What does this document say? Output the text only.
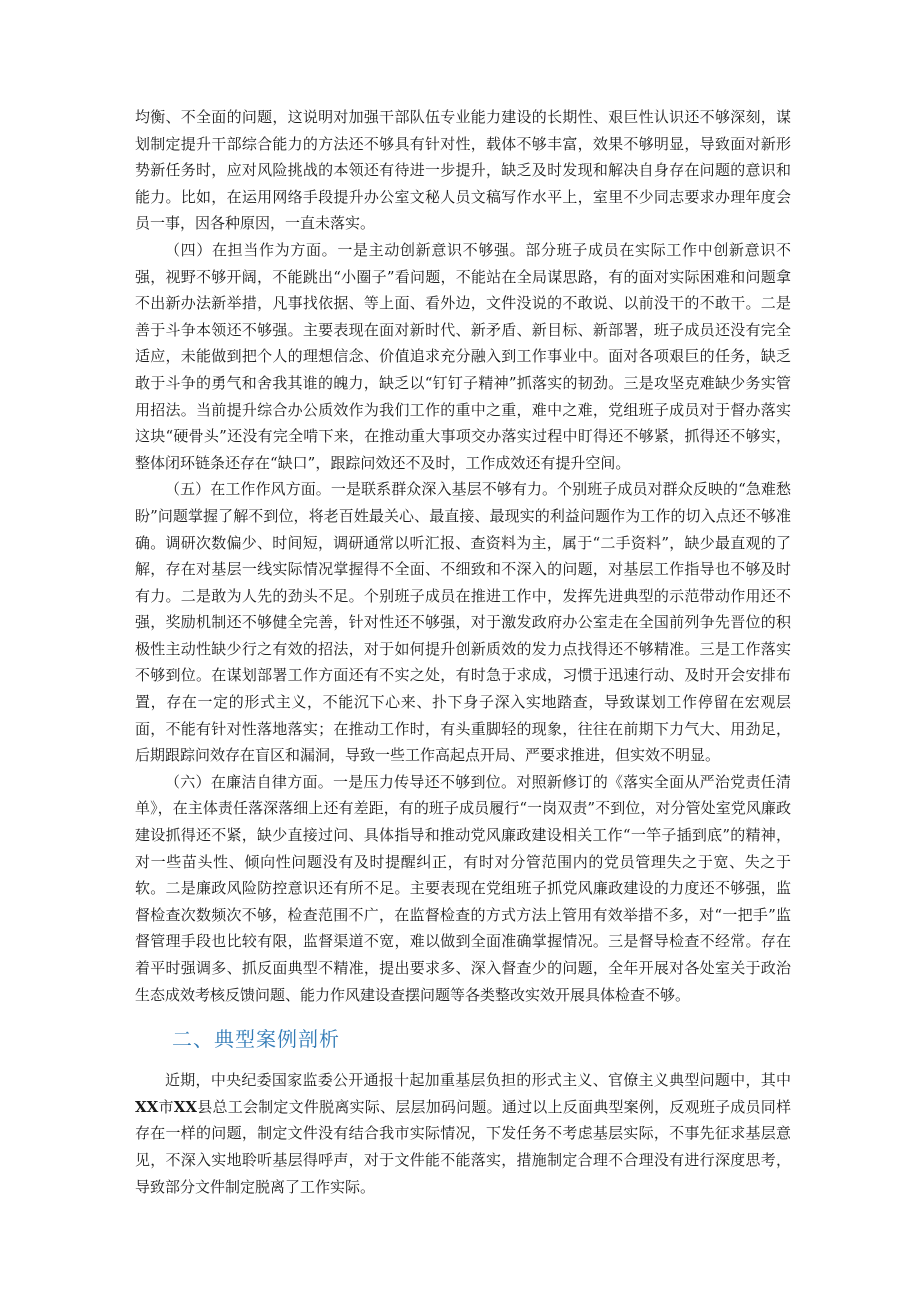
均衡、不全面的问题，这说明对加强干部队伍专业能力建设的长期性、艰巨性认识还不够深刻，谋划制定提升干部综合能力的方法还不够具有针对性，载体不够丰富，效果不够明显，导致面对新形势新任务时，应对风险挑战的本领还有待进一步提升，缺乏及时发现和解决自身存在问题的意识和能力。比如，在运用网络手段提升办公室文秘人员文稿写作水平上，室里不少同志要求办理年度会员一事，因各种原因，一直未落实。

（四）在担当作为方面。一是主动创新意识不够强。部分班子成员在实际工作中创新意识不强，视野不够开阔，不能跳出“小圈子”看问题，不能站在全局谋思路，有的面对实际困难和问题拿不出新办法新举措，凡事找依据、等上面、看外边，文件没说的不敢说、以前没干的不敢干。二是善于斗争本领还不够强。主要表现在面对新时代、新矛盾、新目标、新部署，班子成员还没有完全适应，未能做到把个人的理想信念、价值追求充分融入到工作事业中。面对各项艰巨的任务，缺乏敢于斗争的勇气和舍我其谁的魄力，缺乏以“钉钉子精神”抓落实的韧劲。三是攻坚克难缺少务实管用招法。当前提升综合办公质效作为我们工作的重中之重，难中之难，党组班子成员对于督办落实这块“硬骨头”还没有完全啃下来，在推动重大事项交办落实过程中盯得还不够紧，抓得还不够实，整体闭环链条还存在“缺口”，跟踪问效还不及时，工作成效还有提升空间。

（五）在工作作风方面。一是联系群众深入基层不够有力。个别班子成员对群众反映的“急难愁盼”问题掌握了解不到位，将老百姓最关心、最直接、最现实的利益问题作为工作的切入点还不够准确。调研次数偏少、时间短，调研通常以听汇报、查资料为主，属于“二手资料”，缺少最直观的了解，存在对基层一线实际情况掌握得不全面、不细致和不深入的问题，对基层工作指导也不够及时有力。二是敢为人先的劲头不足。个别班子成员在推进工作中，发挥先进典型的示范带动作用还不强，奖励机制还不够健全完善，针对性还不够强，对于激发政府办公室走在全国前列争先晋位的积极性主动性缺少行之有效的招法，对于如何提升创新质效的发力点找得还不够精准。三是工作落实不够到位。在谋划部署工作方面还有不实之处，有时急于求成，习惯于迅速行动、及时开会安排布置，存在一定的形式主义，不能沉下心来、扑下身子深入实地踏查，导致谋划工作停留在宏观层面，不能有针对性落地落实；在推动工作时，有头重脚轻的现象，往往在前期下力气大、用劲足，后期跟踪问效存在盲区和漏洞，导致一些工作高起点开局、严要求推进，但实效不明显。

（六）在廉洁自律方面。一是压力传导还不够到位。对照新修订的《落实全面从严治党责任清单》，在主体责任落深落细上还有差距，有的班子成员履行“一岗双责”不到位，对分管处室党风廉政建设抓得还不紧，缺少直接过问、具体指导和推动党风廉政建设相关工作“一竿子插到底”的精神，对一些苗头性、倾向性问题没有及时提醒纠正，有时对分管范围内的党员管理失之于宽、失之于软。二是廉政风险防控意识还有所不足。主要表现在党组班子抓党风廉政建设的力度还不够强，监督检查次数频次不够，检查范围不广，在监督检查的方式方法上管用有效举措不多，对“一把手”监督管理手段也比较有限，监督渠道不宽，难以做到全面准确掌握情况。三是督导检查不经常。存在着平时强调多、抓反面典型不精准，提出要求多、深入督查少的问题，全年开展对各处室关于政治生态成效考核反馈问题、能力作风建设查摆问题等各类整改实效开展具体检查不够。

二、典型案例剖析

近期，中央纪委国家监委公开通报十起加重基层负担的形式主义、官僚主义典型问题中，其中XX市XX县总工会制定文件脱离实际、层层加码问题。通过以上反面典型案例，反观班子成员同样存在一样的问题，制定文件没有结合我市实际情况，下发任务不考虑基层实际，不事先征求基层意见，不深入实地聆听基层得呼声，对于文件能不能落实，措施制定合理不合理没有进行深度思考，导致部分文件制定脱离了工作实际。
